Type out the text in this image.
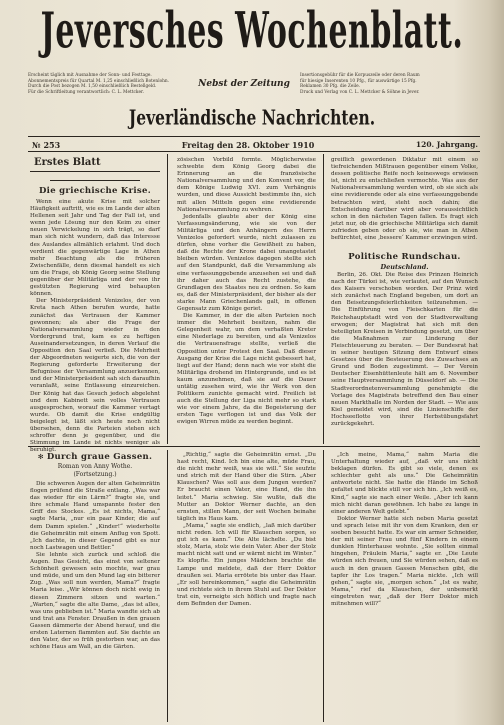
Jeversches Wochenblatt.
Erscheint täglich mit Ausnahme der Sonn- und Festtage.
Abonnementspreis für Quartal M. 1,25 einschließlich Botenlohn.
Durch die Post bezogen M. 1,50 einschließlich Bestellgeld.
Für die Schriftleitung verantwortlich: C. L. Mettcker.
Nebst der Zeitung
Insertionsgebühr für die Korpuszeile oder deren Raum
für hiesige Inserenten 10 Pfg., für auswärtige 15 Pfg.
Reklamen 30 Pfg. die Zeile.
Druck und Verlag von C. L. Mettcker & Söhne in Jever.
Jeverländische Nachrichten.
№ 253	Freitag den 28. Oktober 1910	120. Jahrgang.
Erstes Blatt
Die griechische Krise.

Wenn eine akute Krise mit solcher Häufigkeit auftritt, wie es im Lande der alten Hellenen seit Jahr und Tag der Fall ist, und wenn jede Lösung nur den Keim zu einer neuen Verwickelung in sich trägt, so darf man sich nicht wundern, daß das Interesse des Auslandes allmählich erlahmt. Und doch verdient die gegenwärtige Lage in Athen mehr Beachtung als die früheren Zwischenfälle, denn diesmal handelt es sich um die Frage, ob König Georg seine Stellung gegenüber der Militärliga und der von ihr gestützten Regierung wird behaupten können.

Der Ministerpräsident Venizelos, der von Kreta nach Athen berufen wurde, hatte zunächst das Vertrauen der Kammer gewonnen; als aber die Frage der Nationalversammlung wieder in den Vordergrund trat, kam es zu heftigen Auseinandersetzungen, in deren Verlauf die Opposition den Saal verließ. Die Mehrheit der Abgeordneten weigerte sich, die von der Regierung geforderte Erweiterung der Befugnisse der Versammlung anzuerkennen, und der Ministerpräsident sah sich daraufhin veranlaßt, seine Entlassung einzureichen. Der König hat das Gesuch jedoch abgelehnt und dem Kabinett sein volles Vertrauen ausgesprochen, worauf die Kammer vertagt wurde. Ob damit die Krise endgültig beigelegt ist, läßt sich heute noch nicht übersehen, denn die Parteien stehen sich schroffer denn je gegenüber, und die Stimmung im Lande ist nichts weniger als beruhigt.

zösischen Vorbild formte. Möglicherweise schwebte dem König Georg dabei die Erinnerung an die französische Nationalversammlung und den Konvent vor, die dem Könige Ludwig XVI. zum Verhängnis wurden, und diese Aussicht bestimmte ihn, sich mit allen Mitteln gegen eine revidierende Nationalversammlung zu wehren.

Jedenfalls glaubte aber der König eine Verfassungsänderung, wie sie von der Militärliga und den Anhängern des Herrn Venizelos gefordert wurde, nicht zulassen zu dürfen, ohne vorher die Gewißheit zu haben, daß die Rechte der Krone dabei unangetastet bleiben würden. Venizelos dagegen stellte sich auf den Standpunkt, daß die Versammlung als eine verfassunggebende anzusehen sei und daß ihr daher auch das Recht zustehe, die Grundlagen des Staates neu zu ordnen. So kam es, daß der Ministerpräsident, der bisher als der starke Mann Griechenlands galt, in offenen Gegensatz zum Könige geriet.

Die Kammer, in der die alten Parteien noch immer die Mehrheit besitzen, nahm die Gelegenheit wahr, um dem verhaßten Kreter eine Niederlage zu bereiten, und als Venizelos die Vertrauensfrage stellte, verließ die Opposition unter Protest den Saal. Daß dieser Ausgang der Krise die Lage nicht gebessert hat, liegt auf der Hand; denn nach wie vor steht die Militärliga drohend im Hintergrunde, und es ist kaum anzunehmen, daß sie auf die Dauer untätig zusehen wird, wie ihr Werk von den Politikern zunichte gemacht wird. Freilich ist auch die Stellung der Liga nicht mehr so stark wie vor einem Jahre, da die Begeisterung der ersten Tage verflogen ist und das Volk der ewigen Wirren müde zu werden beginnt.

greiflich gewordenen Diktatur mit einem so tiefreichenden Mißtrauen gegenüber einem Volke, dessen politische Reife noch keineswegs erwiesen ist, nicht zu entschließen vermochte. Was aus der Nationalversammlung werden wird, ob sie sich als eine revidierende oder als eine verfassunggebende betrachten wird, steht noch dahin; die Entscheidung darüber wird aber voraussichtlich schon in den nächsten Tagen fallen. Es fragt sich jetzt nur, ob die griechische Militärliga sich damit zufrieden geben oder ob sie, wie man in Athen befürchtet, eine ‚bessere‘ Kammer erzwingen wird.

Politische Rundschau.
Deutschland.

Berlin, 26. Okt. Die Reise des Prinzen Heinrich nach der Türkei ist, wie verlautet, auf den Wunsch des Kaisers verschoben worden. Der Prinz wird sich zunächst nach England begeben, um dort an den Beisetzungsfeierlichkeiten teilzunehmen. — Die Einführung von Fleischkarten für die Reichshauptstadt wird von der Stadtverwaltung erwogen; der Magistrat hat sich mit den beteiligten Kreisen in Verbindung gesetzt, um über die Maßnahmen zur Linderung der Fleischteuerung zu beraten. — Der Bundesrat hat in seiner heutigen Sitzung dem Entwurf eines Gesetzes über die Besteuerung des Zuwachses an Grund und Boden zugestimmt. — Der Verein Deutscher Eisenhüttenleute hält am 6. November seine Hauptversammlung in Düsseldorf ab. — Die Stadtverordnetenversammlung genehmigte die Vorlage des Magistrats betreffend den Bau einer neuen Markthalle im Norden der Stadt. — Wie aus Kiel gemeldet wird, sind die Linienschiffe der Hochseeflotte von ihrer Herbstübungsfahrt zurückgekehrt.

✻ Durch graue Gassen.
Roman von Anny Wothe.
(Fortsetzung.)

Die schweren Augen der alten Geheimrätin flogen prüfend die Straße entlang. „Was war das wieder für ein Lärm?“ fragte sie, und ihre schmale Hand umspannte fester den Griff des Stockes. „Es ist nichts, Mama,“ sagte Maria, „nur ein paar Kinder, die auf dem Damm spielen.“ „Kinder!“ wiederholte die Geheimrätin mit einem Anflug von Spott. „Ich dachte, in dieser Gegend gibt es nur noch Lastwagen und Bettler.“

Sie lehnte sich zurück und schloß die Augen. Das Gesicht, das einst von seltener Schönheit gewesen sein mochte, war grau und müde, und um den Mund lag ein bitterer Zug. „Was soll nun werden, Mama?“ fragte Maria leise. „Wir können doch nicht ewig in diesen Zimmern sitzen und warten.“ „Warten,“ sagte die alte Dame, „das ist alles, was uns geblieben ist.“ Maria wandte sich ab und trat ans Fenster. Draußen in den grauen Gassen dämmerte der Abend herauf, und die ersten Laternen flammten auf. Sie dachte an den Vater, der so früh gestorben war, an das schöne Haus am Wall, an die Gärten.

„Richtig,“ sagte die Geheimrätin ernst. „Du hast recht, Kind. Ich bin eine alte, müde Frau, die nicht mehr weiß, was sie will.“ Sie seufzte und strich mit der Hand über die Stirn. „Aber Klauschen? Was soll aus dem Jungen werden? Er braucht einen Vater, eine Hand, die ihn leitet.“ Maria schwieg. Sie wußte, daß die Mutter an Doktor Werner dachte, an den ernsten, stillen Mann, der seit Wochen beinahe täglich ins Haus kam.

„Mama,“ sagte sie endlich, „laß mich darüber nicht reden. Ich will für Klauschen sorgen, so gut ich es kann.“ Die Alte lächelte. „Du bist stolz, Maria, stolz wie dein Vater. Aber der Stolz macht nicht satt und er wärmt nicht im Winter.“ Es klopfte. Ein junges Mädchen brachte die Lampe und meldete, daß der Herr Doktor draußen sei. Maria errötete bis unter das Haar. „Er soll hereinkommen,“ sagte die Geheimrätin und richtete sich in ihrem Stuhl auf. Der Doktor trat ein, verneigte sich höflich und fragte nach dem Befinden der Damen.

„Ich meine, Mama,“ nahm Maria die Unterhaltung wieder auf, „daß wir uns nicht beklagen dürfen. Es gibt so viele, denen es schlechter geht als uns.“ Die Geheimrätin antwortete nicht. Sie hatte die Hände im Schoß gefaltet und blickte still vor sich hin. „Ich weiß es, Kind,“ sagte sie nach einer Weile. „Aber ich kann mich nicht daran gewöhnen. Ich habe zu lange in einer anderen Welt gelebt.“

Doktor Werner hatte sich neben Maria gesetzt und sprach leise mit ihr von dem Kranken, den er soeben besucht hatte. Es war ein armer Schneider, der mit seiner Frau und fünf Kindern in einem dunklen Hinterhause wohnte. „Sie sollten einmal hingehen, Fräulein Maria,“ sagte er. „Die Leute würden sich freuen, und Sie würden sehen, daß es auch in den grauen Gassen Menschen gibt, die tapfer ihr Los tragen.“ Maria nickte. „Ich will gehen,“ sagte sie, „morgen schon.“ „Ist es wahr, Mama,“ rief da Klauschen, der unbemerkt eingetreten war, „daß der Herr Doktor mich mitnehmen will?“
